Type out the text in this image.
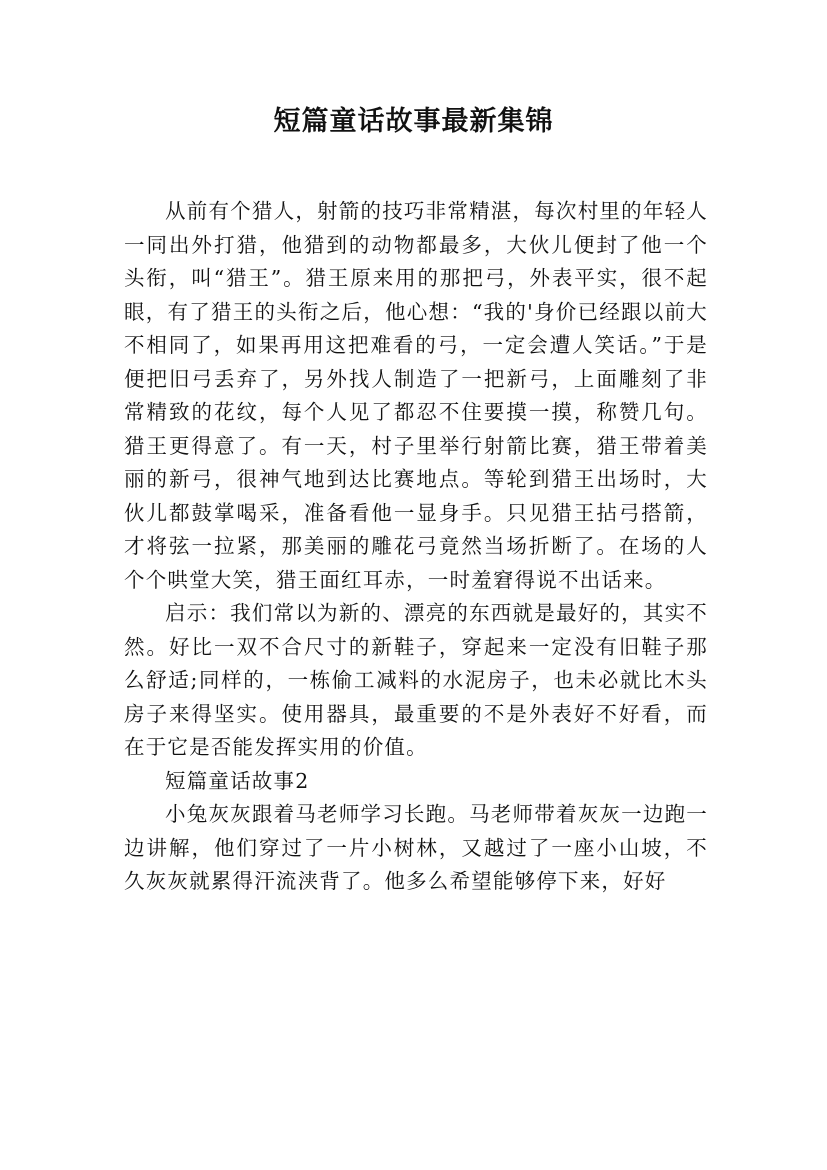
短篇童话故事最新集锦

从前有个猎人，射箭的技巧非常精湛，每次村里的年轻人一同出外打猎，他猎到的动物都最多，大伙儿便封了他一个头衔，叫“猎王”。猎王原来用的那把弓，外表平实，很不起眼，有了猎王的头衔之后，他心想：“我的'身价已经跟以前大不相同了，如果再用这把难看的弓，一定会遭人笑话。”于是便把旧弓丢弃了，另外找人制造了一把新弓，上面雕刻了非常精致的花纹，每个人见了都忍不住要摸一摸，称赞几句。猎王更得意了。有一天，村子里举行射箭比赛，猎王带着美丽的新弓，很神气地到达比赛地点。等轮到猎王出场时，大伙儿都鼓掌喝采，准备看他一显身手。只见猎王拈弓搭箭，才将弦一拉紧，那美丽的雕花弓竟然当场折断了。在场的人个个哄堂大笑，猎王面红耳赤，一时羞窘得说不出话来。

启示：我们常以为新的、漂亮的东西就是最好的，其实不然。好比一双不合尺寸的新鞋子，穿起来一定没有旧鞋子那么舒适;同样的，一栋偷工减料的水泥房子，也未必就比木头房子来得坚实。使用器具，最重要的不是外表好不好看，而在于它是否能发挥实用的价值。

短篇童话故事2

小兔灰灰跟着马老师学习长跑。马老师带着灰灰一边跑一边讲解，他们穿过了一片小树林，又越过了一座小山坡，不久灰灰就累得汗流浃背了。他多么希望能够停下来，好好
